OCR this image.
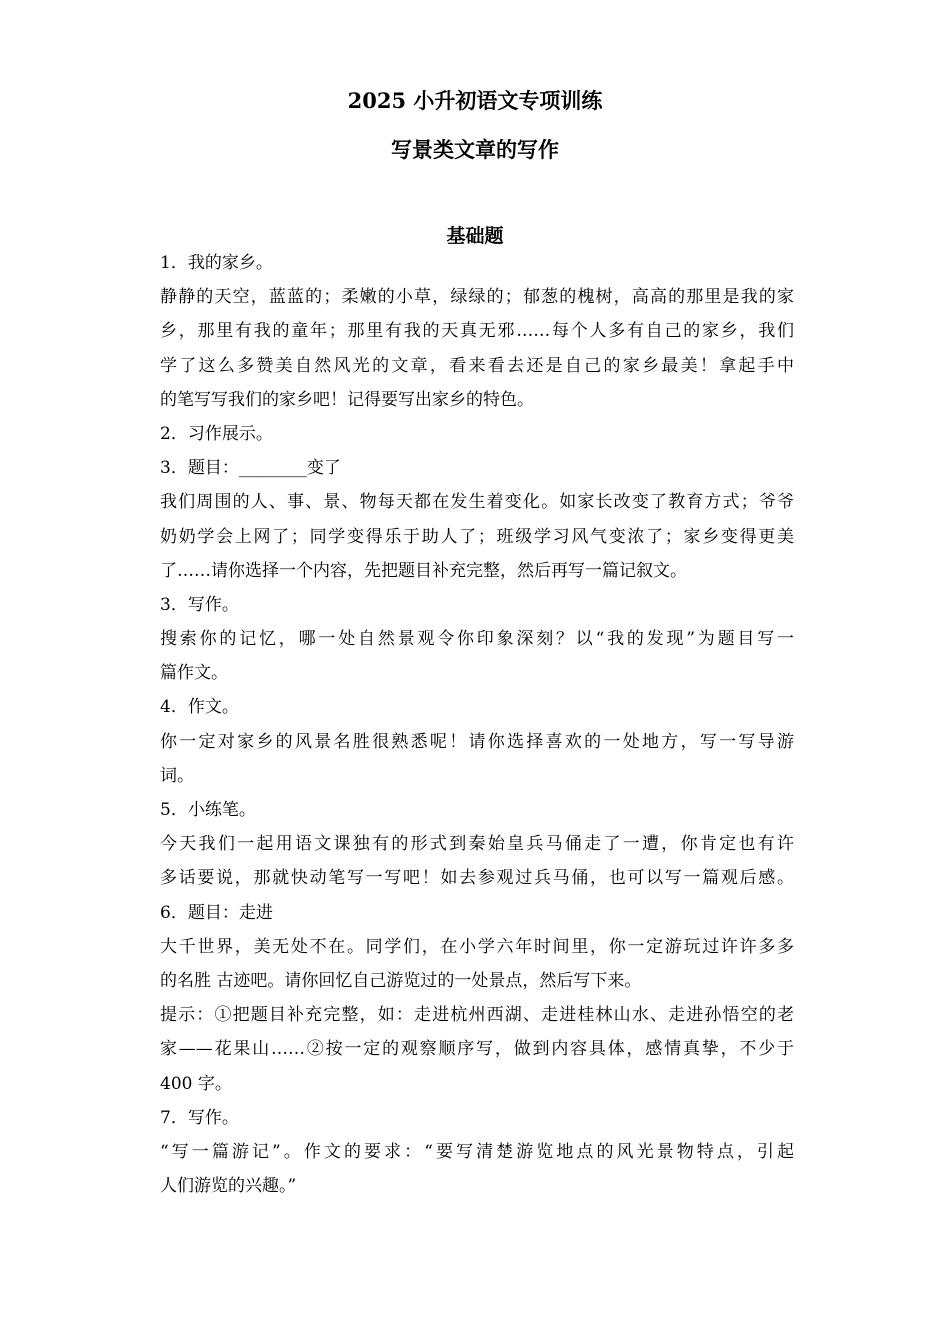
2025 小升初语文专项训练
写景类文章的写作
基础题
1．我的家乡。
静静的天空，蓝蓝的；柔嫩的小草，绿绿的；郁葱的槐树，高高的那里是我的家
乡，那里有我的童年；那里有我的天真无邪……每个人多有自己的家乡，我们
学了这么多赞美自然风光的文章，看来看去还是自己的家乡最美！拿起手中
的笔写写我们的家乡吧！记得要写出家乡的特色。
2．习作展示。
3．题目：________变了
我们周围的人、事、景、物每天都在发生着变化。如家长改变了教育方式；爷爷
奶奶学会上网了；同学变得乐于助人了；班级学习风气变浓了；家乡变得更美
了……请你选择一个内容，先把题目补充完整，然后再写一篇记叙文。
3．写作。
搜索你的记忆，哪一处自然景观令你印象深刻？以“我的发现”为题目写一
篇作文。
4．作文。
你一定对家乡的风景名胜很熟悉呢！请你选择喜欢的一处地方，写一写导游
词。
5．小练笔。
今天我们一起用语文课独有的形式到秦始皇兵马俑走了一遭，你肯定也有许
多话要说，那就快动笔写一写吧！如去参观过兵马俑，也可以写一篇观后感。
6．题目：走进
大千世界，美无处不在。同学们，在小学六年时间里，你一定游玩过许许多多
的名胜 古迹吧。请你回忆自己游览过的一处景点，然后写下来。
提示：①把题目补充完整，如：走进杭州西湖、走进桂林山水、走进孙悟空的老
家——花果山……②按一定的观察顺序写，做到内容具体，感情真挚，不少于
400 字。
7．写作。
“写一篇游记”。作文的要求：“要写清楚游览地点的风光景物特点，引起
人们游览的兴趣。”
